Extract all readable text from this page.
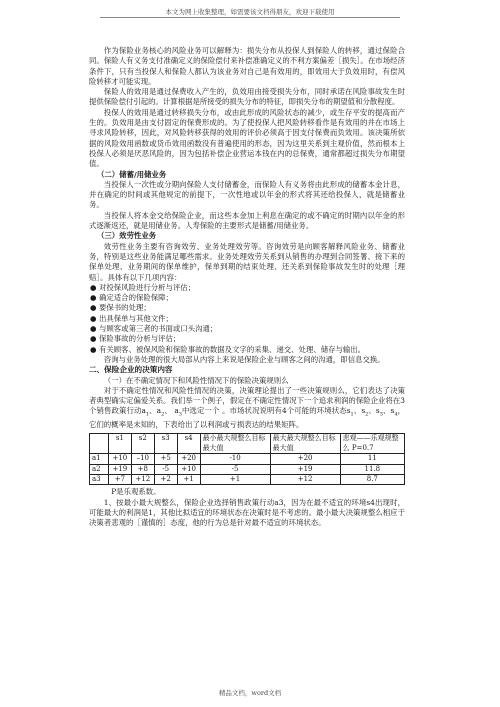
本文为网上收集整理，如需要该文档得朋友，欢迎下载使用

作为保险业务核心的风险业务可以解释为：损失分布从投保人到保险人的转移，通过保险合同。保险人有义务支付准确定义的保险偿付来补偿准确定义的不利方案偏差［损失］。在市场经济条件下，只有当投保人和保险人都认为该业务对自己是有效用的，即效用大于负效用时，有偿风险转移才可能实现。

保险人的效用是通过保费收入产生的，负效用由接受损失分布，同时承诺在风险事故发生时提供保险偿付引起的。计算根据是所接受的损失分布的特征，即损失分布的期望值和分散程度。

投保人的效用是通过转移损失分布，或由此形成的风险状态的减少，或生存平安的提高而产生的。负效用是由支付固定的保费形成的。为了使投保人把风险转移看作是有效用的并在市场上寻求风险转移，因此，对风险转移获得的效用的评价必须高于因支付保费而负效用。该决策所依据的风险效用函数或货币效用函数没有普遍使用的形态，因为这里关系到主观价值，然而根本上投保人必须是厌恶风险的，因为包括补偿企业营运本钱在内的总保费，通常都超过损失分布期望值。

（二）储蓄/用储业务

当投保人一次性或分期向保险人支付储蓄金，而保险人有义务将由此形成的储蓄本金计息，并在确定的时间或其他规定的前提下，一次性地或以年金的形式将其还给投保人，就是储蓄业务。

当投保人将本金交给保险企业，而这些本金加上利息在确定的或不确定的时期内以年金的形式逐渐返还，就是用储业务。人寿保险的主要形式是储蓄/用储业务。

（三）效劳性业务

效劳性业务主要有咨询效劳、业务处理效劳等。咨询效劳是向顾客解释风险业务、储蓄业务，特别是这些业务能满足哪些需求。业务处理效劳关系到从销售的办理到合同签署、接下来的保单处理、业务期间的保单维护，保单到期的结束处理、还关系到保险事故发生时的处理［理赔］。具体有以下几项内容：

● 对投保风险进行分析与评估；

● 确定适合的保险保障；

● 要保书的处理；

● 出具保单与其他文件；

● 与顾客或第三者的书面或口头沟通；

● 保险事故的分析与评估；

● 有关顾客、被保风险和保险事故的数据及文字的采集、递交、处理、储存与输出。

咨询与业务处理的很大局部从内容上来说是保险企业与顾客之间的沟通，即信息交换。

二、保险企业的决策内容

（一）在不确定情况下和风险性情况下的保险决策规则么

对于不确定性情况和风险性情况的决策，决策理论提出了一些决策规则么，它们表达了决策者典型确实定偏爱关系。我们举一个例子，假定在不确定性情况下一个追求利润的保险企业将在3个销售政策行动$a_1$、$a_2$、 $a_3$中选定一个 。市场状况说明有4个可能的环境状态$s_1$、$s_2$、$s_3$、$s_4$，它们的概率是未知的，下表给出了以利润或亏损表达的结果矩阵。

	s1	s2	s3	s4	最小最大规整么目标最大值	最大最大规整么目标最大值	悲观——乐观规整么 P=0.7
a1	+10	–10	+5	+20	-10	+20	11
a2	+19	+8	-5	+10	-5	+19	11.8
a3	+7	+12	+2	+1	+1	+12	8.7

P是乐观系数。

1、按最小最大规整么，保险企业选择销售政策行动a3，因为在最不适宜的环境s4出现时，可能最大的利润是1，其他比拟适宜的环境状态在决策时是不考虑的。最小最大决策规整么相应于决策者悲观的［谨慎的］态度，他的行为总是针对最不适宜的环境状态。

精品文档，word文档
